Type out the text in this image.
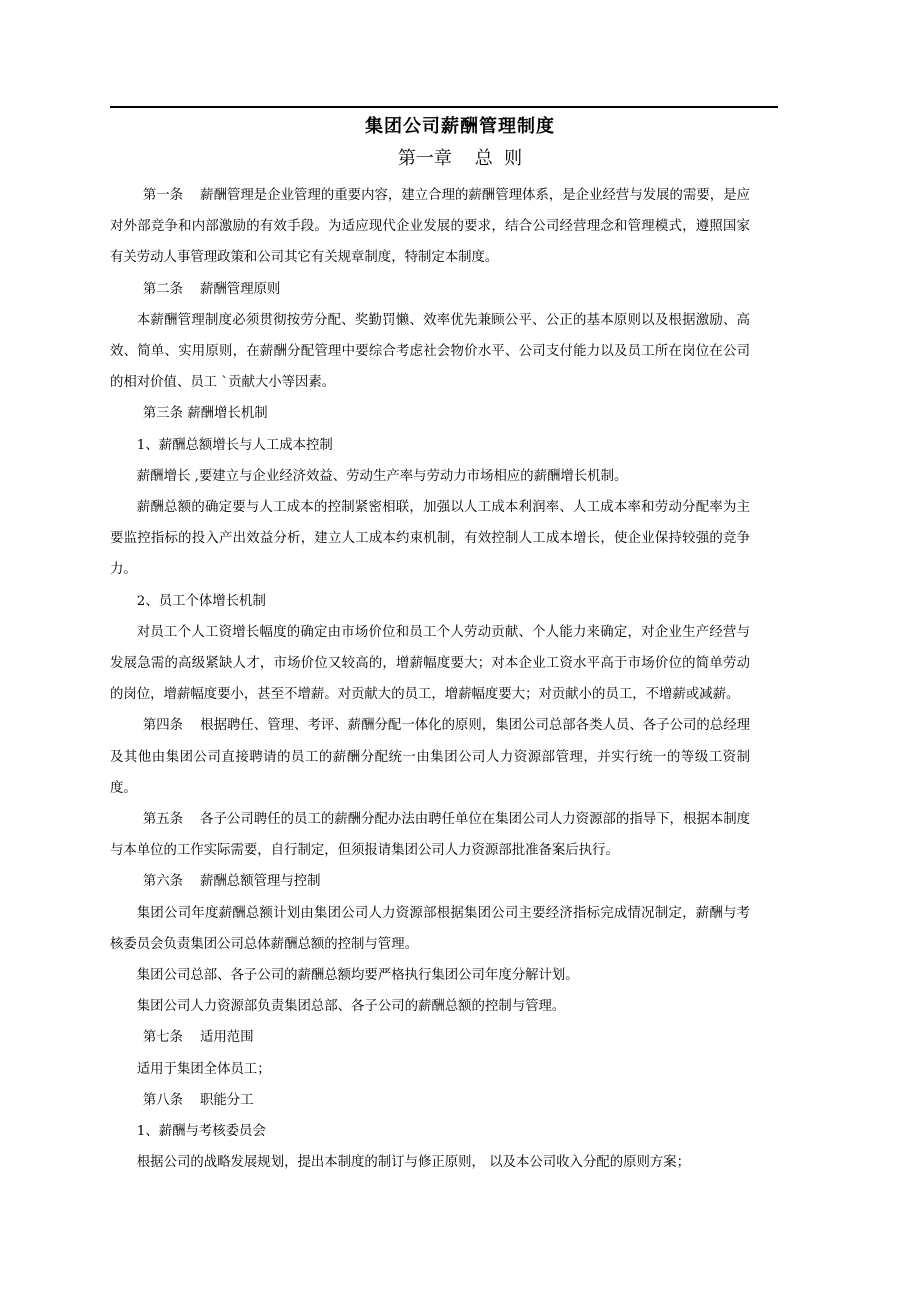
集团公司薪酬管理制度
第一章    总  则

第一条    薪酬管理是企业管理的重要内容，建立合理的薪酬管理体系，是企业经营与发展的需要，是应对外部竞争和内部激励的有效手段。为适应现代企业发展的要求，结合公司经营理念和管理模式，遵照国家有关劳动人事管理政策和公司其它有关规章制度，特制定本制度。

第二条    薪酬管理原则

本薪酬管理制度必须贯彻按劳分配、奖勤罚懒、效率优先兼顾公平、公正的基本原则以及根据激励、高效、简单、实用原则，在薪酬分配管理中要综合考虑社会物价水平、公司支付能力以及员工所在岗位在公司的相对价值、员工 `贡献大小等因素。

第三条 薪酬增长机制

1、薪酬总额增长与人工成本控制

薪酬增长 ,要建立与企业经济效益、劳动生产率与劳动力市场相应的薪酬增长机制。

薪酬总额的确定要与人工成本的控制紧密相联，加强以人工成本利润率、人工成本率和劳动分配率为主要监控指标的投入产出效益分析，建立人工成本约束机制，有效控制人工成本增长，使企业保持较强的竞争力。

2、员工个体增长机制

对员工个人工资增长幅度的确定由市场价位和员工个人劳动贡献、个人能力来确定，对企业生产经营与发展急需的高级紧缺人才，市场价位又较高的，增薪幅度要大；对本企业工资水平高于市场价位的简单劳动的岗位，增薪幅度要小，甚至不增薪。对贡献大的员工，增薪幅度要大；对贡献小的员工，不增薪或减薪。

第四条    根据聘任、管理、考评、薪酬分配一体化的原则，集团公司总部各类人员、各子公司的总经理及其他由集团公司直接聘请的员工的薪酬分配统一由集团公司人力资源部管理，并实行统一的等级工资制度。

第五条    各子公司聘任的员工的薪酬分配办法由聘任单位在集团公司人力资源部的指导下，根据本制度与本单位的工作实际需要，自行制定，但须报请集团公司人力资源部批准备案后执行。

第六条    薪酬总额管理与控制

集团公司年度薪酬总额计划由集团公司人力资源部根据集团公司主要经济指标完成情况制定，薪酬与考核委员会负责集团公司总体薪酬总额的控制与管理。

集团公司总部、各子公司的薪酬总额均要严格执行集团公司年度分解计划。

集团公司人力资源部负责集团总部、各子公司的薪酬总额的控制与管理。

第七条    适用范围

适用于集团全体员工；

第八条    职能分工

1、薪酬与考核委员会

根据公司的战略发展规划，提出本制度的制订与修正原则， 以及本公司收入分配的原则方案；
